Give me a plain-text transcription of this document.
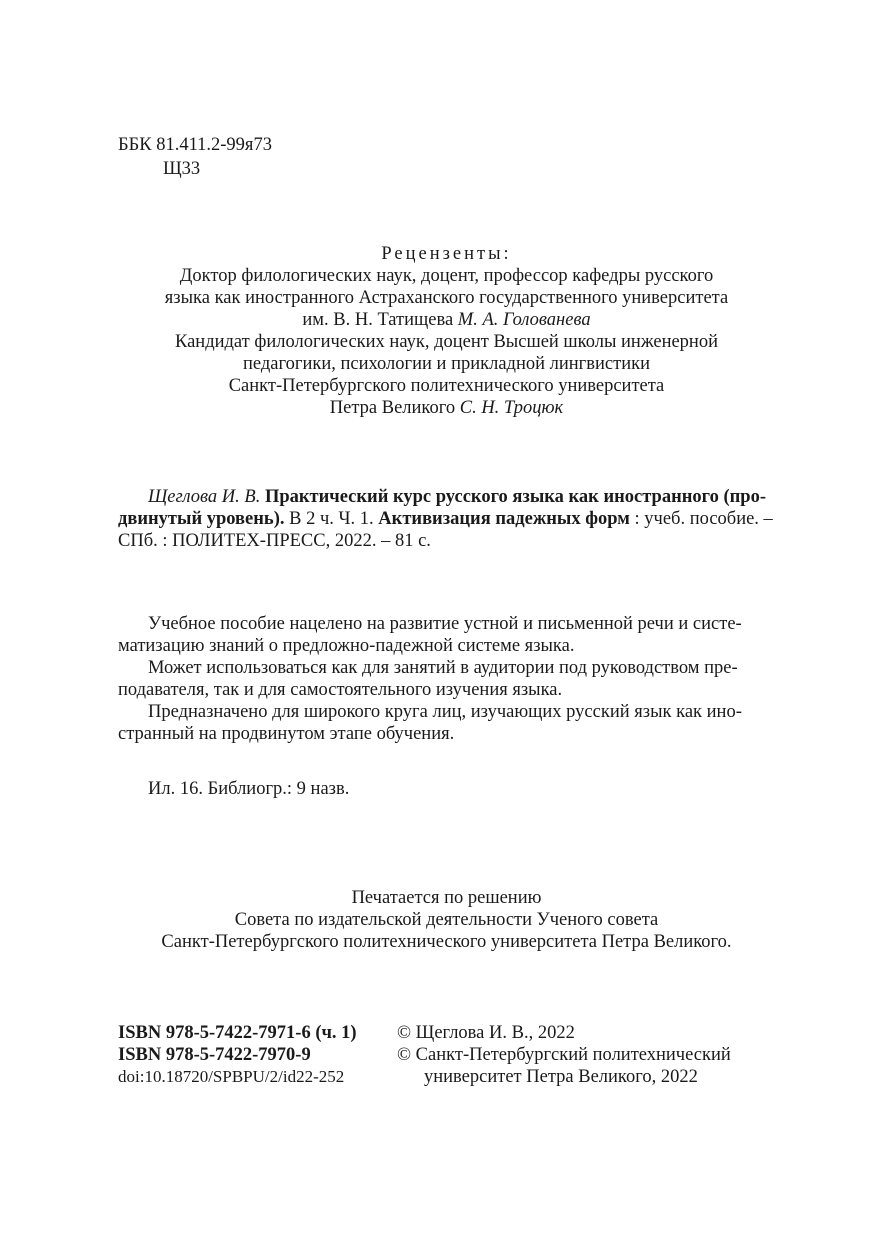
ББК 81.411.2-99я73
Щ33
Рецензенты:
Доктор филологических наук, доцент, профессор кафедры русского
языка как иностранного Астраханского государственного университета
им. В. Н. Татищева М. А. Голованева
Кандидат филологических наук, доцент Высшей школы инженерной
педагогики, психологии и прикладной лингвистики
Санкт-Петербургского политехнического университета
Петра Великого С. Н. Троцюк
Щеглова И. В. Практический курс русского языка как иностранного (про-
двинутый уровень). В 2 ч. Ч. 1. Активизация падежных форм : учеб. пособие. –
СПб. : ПОЛИТЕХ-ПРЕСС, 2022. – 81 с.
Учебное пособие нацелено на развитие устной и письменной речи и систе-
матизацию знаний о предложно-падежной системе языка.
Может использоваться как для занятий в аудитории под руководством пре-
подавателя, так и для самостоятельного изучения языка.
Предназначено для широкого круга лиц, изучающих русский язык как ино-
странный на продвинутом этапе обучения.
Ил. 16. Библиогр.: 9 назв.
Печатается по решению
Совета по издательской деятельности Ученого совета
Санкт-Петербургского политехнического университета Петра Великого.
ISBN 978-5-7422-7971-6 (ч. 1) © Щеглова И. В., 2022
ISBN 978-5-7422-7970-9	© Санкт-Петербургский политехнический
doi:10.18720/SPBPU/2/id22-252	университет Петра Великого, 2022
